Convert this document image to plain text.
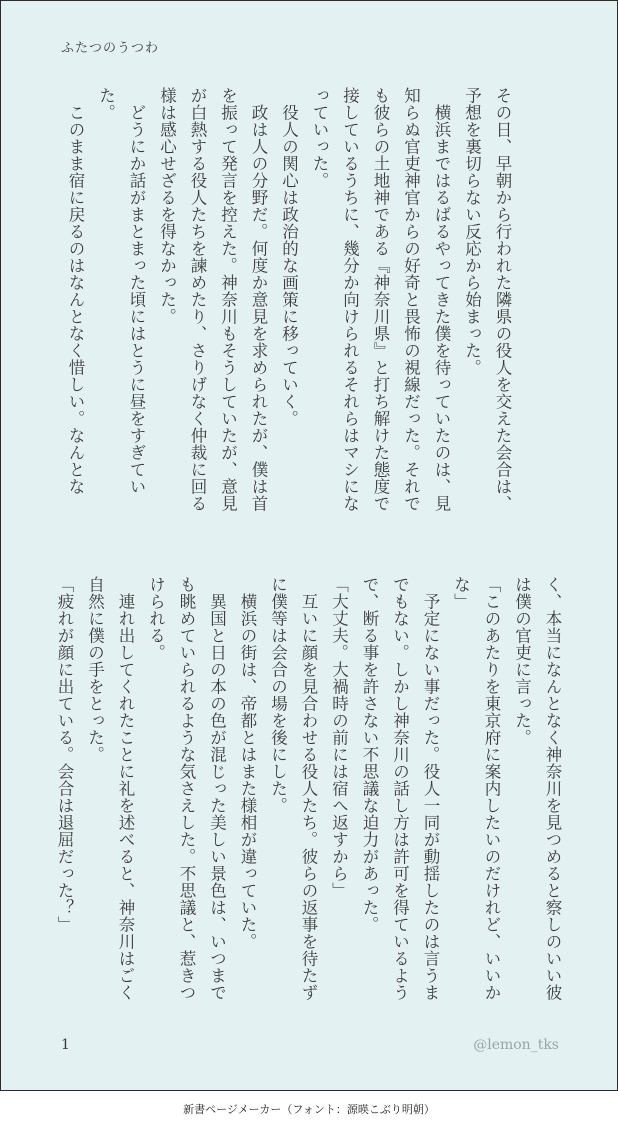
ふたつのうつわ
その日、早朝から行われた隣県の役人を交えた会合は、予想を裏切らない反応から始まった。
　横浜まではるばるやってきた僕を待っていたのは、見知らぬ官吏神官からの好奇と畏怖の視線だった。それでも彼らの土地神である『神奈川県』と打ち解けた態度で接しているうちに、幾分か向けられるそれらはマシになっていった。
　役人の関心は政治的な画策に移っていく。
　政は人の分野だ。何度か意見を求められたが、僕は首を振って発言を控えた。神奈川もそうしていたが、意見が白熱する役人たちを諫めたり、さりげなく仲裁に回る様は感心せざるを得なかった。
　どうにか話がまとまった頃にはとうに昼をすぎていた。
　このまま宿に戻るのはなんとなく惜しい。なんとな
く、本当になんとなく神奈川を見つめると察しのいい彼は僕の官吏に言った。
「このあたりを東京府に案内したいのだけれど、いいかな」
　予定にない事だった。役人一同が動揺したのは言うまでもない。しかし神奈川の話し方は許可を得ているようで、断る事を許さない不思議な迫力があった。
「大丈夫。大禍時の前には宿へ返すから」
　互いに顔を見合わせる役人たち。彼らの返事を待たずに僕等は会合の場を後にした。
　横浜の街は、帝都とはまた様相が違っていた。
　異国と日の本の色が混じった美しい景色は、いつまでも眺めていられるような気さえした。不思議と、惹きつけられる。
　連れ出してくれたことに礼を述べると、神奈川はごく自然に僕の手をとった。
「疲れが顔に出ている。会合は退屈だった？」
1	@lemon_tks
新書ページメーカー（フォント：源暎こぶり明朝）
